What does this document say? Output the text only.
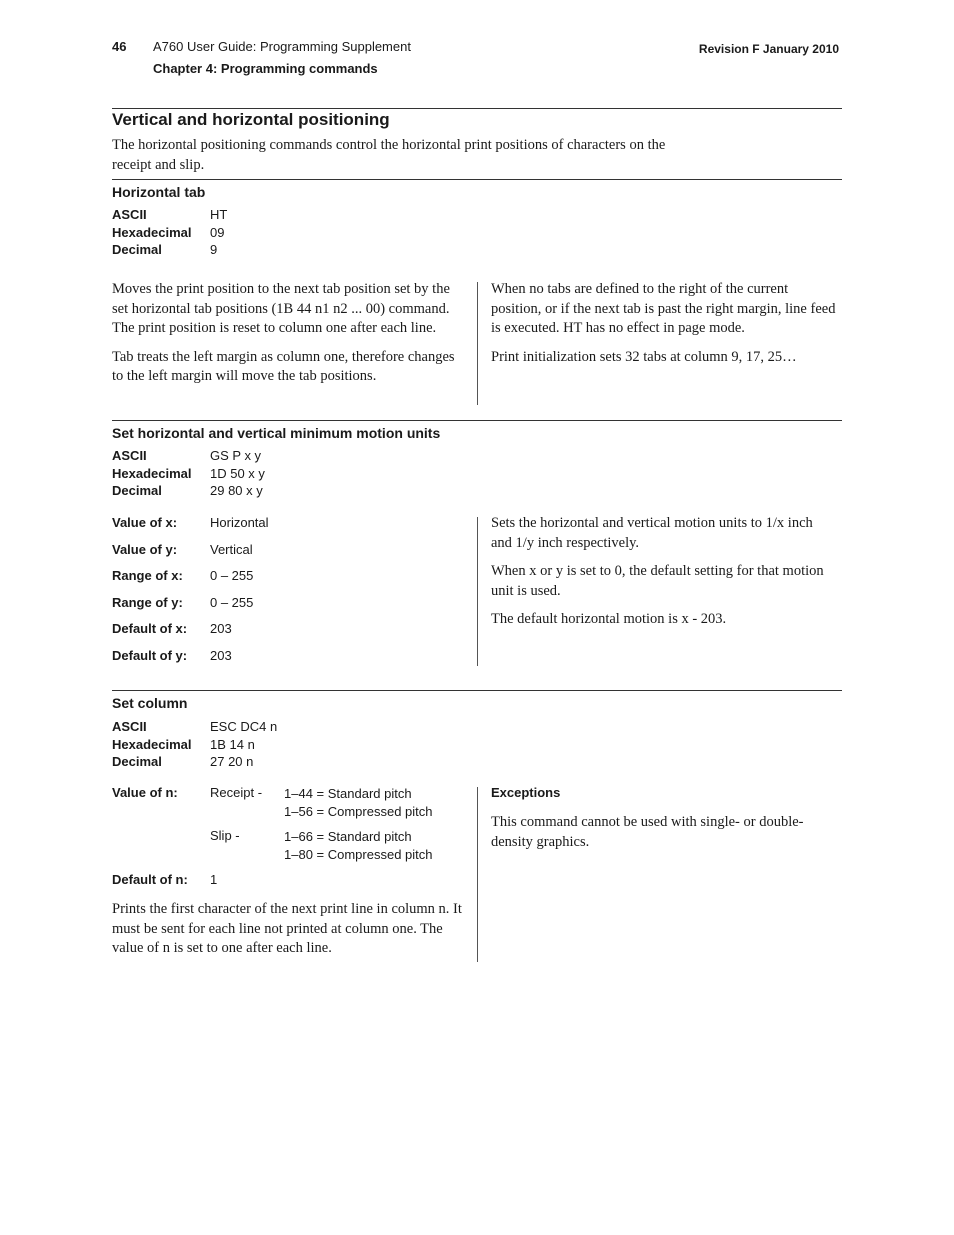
46 A760 User Guide: Programming Supplement
Chapter 4: Programming commands
Revision F January 2010
Vertical and horizontal positioning
The horizontal positioning commands control the horizontal print positions of characters on the receipt and slip.
Horizontal tab
ASCII	HT
Hexadecimal	09
Decimal	9

Moves the print position to the next tab position set by the set horizontal tab positions (1B 44 n1 n2 ... 00) command. The print position is reset to column one after each line.

Tab treats the left margin as column one, therefore changes to the left margin will move the tab positions.

When no tabs are defined to the right of the current position, or if the next tab is past the right margin, line feed is executed. HT has no effect in page mode.

Print initialization sets 32 tabs at column 9, 17, 25…

Set horizontal and vertical minimum motion units
ASCII	GS P x y
Hexadecimal	1D 50 x y
Decimal	29 80 x y
Value of x:	Horizontal
Value of y:	Vertical
Range of x:	0 – 255
Range of y:	0 – 255
Default of x:	203
Default of y:	203

Sets the horizontal and vertical motion units to 1/x inch and 1/y inch respectively.

When x or y is set to 0, the default setting for that motion unit is used.

The default horizontal motion is x - 203.

Set column
ASCII	ESC DC4 n
Hexadecimal	1B 14 n
Decimal	27 20 n
Value of n: Receipt - 1–44 = Standard pitch
1–56 = Compressed pitch
Slip -	1–66 = Standard pitch
1–80 = Compressed pitch
Default of n: 1
Prints the first character of the next print line in column n. It must be sent for each line not printed at column one. The value of n is set to one after each line.
Exceptions
This command cannot be used with single- or double-density graphics.
